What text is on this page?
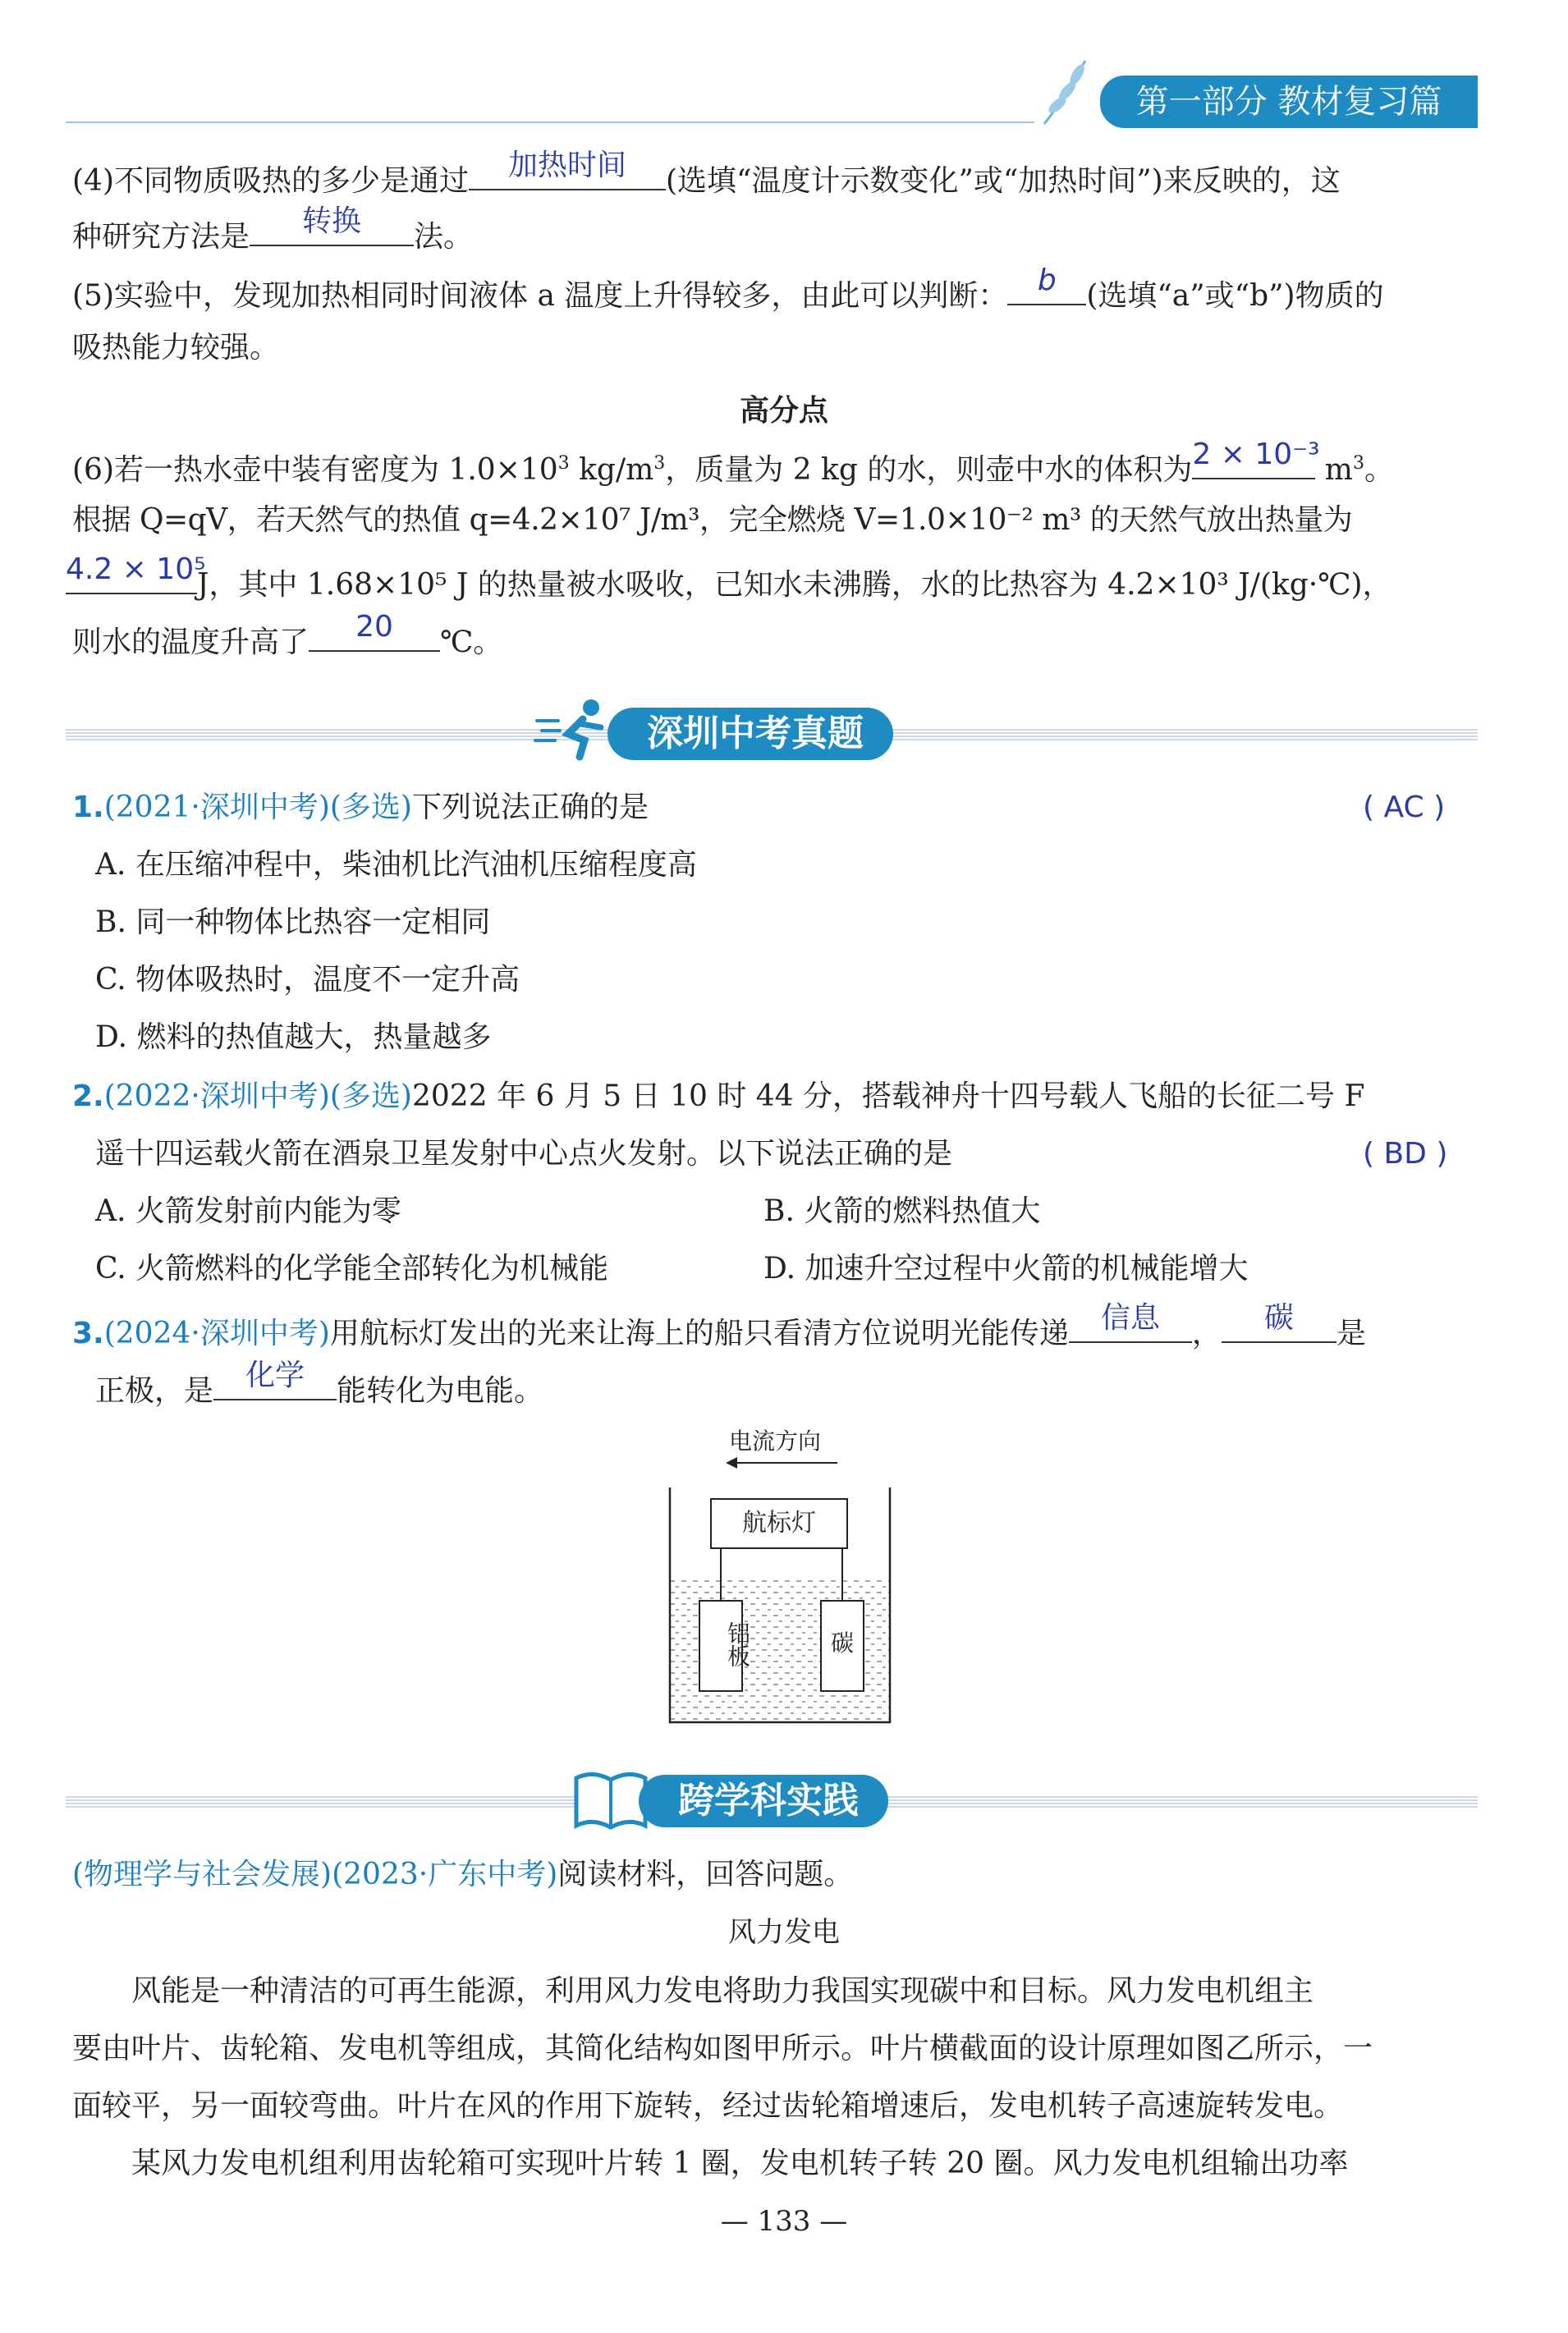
第一部分 教材复习篇
(4)不同物质吸热的多少是通过	加热时间	(选填“温度计示数变化”或“加热时间”)来反映的，这
种研究方法是	转换	法。
(5)实验中，发现加热相同时间液体 a 温度上升得较多，由此可以判断：	b	(选填“a”或“b”)物质的
吸热能力较强。
高分点
(6)若一热水壶中装有密度为 $1.0\times 10^3$ $kg/m^3$，质量为 2 kg 的水，则壶中水的体积为 2 × 10⁻³
$m^3$。
根据 Q=qV，若天然气的热值 q=4.2×10⁷ J/m³，完全燃烧 V=1.0×10⁻² m³ 的天然气放出热量为
4.2 × 10⁵
J，其中 1.68×10⁵ J 的热量被水吸收，已知水未沸腾，水的比热容为 4.2×10³ J/(kg·℃)，
则水的温度升高了	20	℃。
深圳中考真题
1.(2021·深圳中考)(多选)下列说法正确的是	( AC )
A. 在压缩冲程中，柴油机比汽油机压缩程度高
B. 同一种物体比热容一定相同
C. 物体吸热时，温度不一定升高
D. 燃料的热值越大，热量越多
2.(2022·深圳中考)(多选)2022 年 6 月 5 日 10 时 44 分，搭载神舟十四号载人飞船的长征二号 F
遥十四运载火箭在酒泉卫星发射中心点火发射。以下说法正确的是	( BD )
A. 火箭发射前内能为零	B. 火箭的燃料热值大
C. 火箭燃料的化学能全部转化为机械能	D. 加速升空过程中火箭的机械能增大
3.(2024·深圳中考)用航标灯发出的光来让海上的船只看清方位说明光能传递	信息	，	碳	是
正极，是	化学	能转化为电能。
电流方向
航标灯
铝板	碳
跨学科实践
(物理学与社会发展)(2023·广东中考)阅读材料，回答问题。
风力发电
风能是一种清洁的可再生能源，利用风力发电将助力我国实现碳中和目标。风力发电机组主
要由叶片、齿轮箱、发电机等组成，其简化结构如图甲所示。叶片横截面的设计原理如图乙所示，一
面较平，另一面较弯曲。叶片在风的作用下旋转，经过齿轮箱增速后，发电机转子高速旋转发电。
某风力发电机组利用齿轮箱可实现叶片转 1 圈，发电机转子转 20 圈。风力发电机组输出功率
— 133 —
